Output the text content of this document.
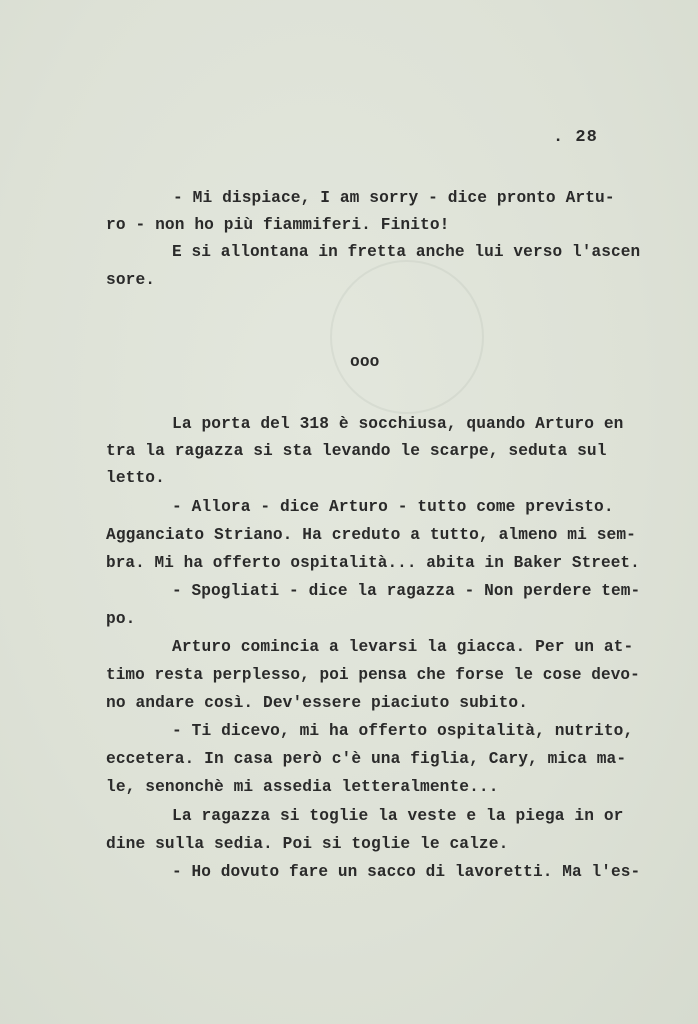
. 28
- Mi dispiace, I am sorry - dice pronto Artu-
ro - non ho più fiammiferi. Finito!
E si allontana in fretta anche lui verso l'ascen
sore.
ooo
La porta del 318 è socchiusa, quando Arturo en
tra la ragazza si sta levando le scarpe, seduta sul
letto.
- Allora - dice Arturo - tutto come previsto.
Agganciato Striano. Ha creduto a tutto, almeno mi sem-
bra. Mi ha offerto ospitalità... abita in Baker Street.
- Spogliati - dice la ragazza - Non perdere tem-
po.
Arturo comincia a levarsi la giacca. Per un at-
timo resta perplesso, poi pensa che forse le cose devo-
no andare così. Dev'essere piaciuto subito.
- Ti dicevo, mi ha offerto ospitalità, nutrito,
eccetera. In casa però c'è una figlia, Cary, mica ma-
le, senonchè mi assedia letteralmente...
La ragazza si toglie la veste e la piega in or
dine sulla sedia. Poi si toglie le calze.
- Ho dovuto fare un sacco di lavoretti. Ma l'es-
